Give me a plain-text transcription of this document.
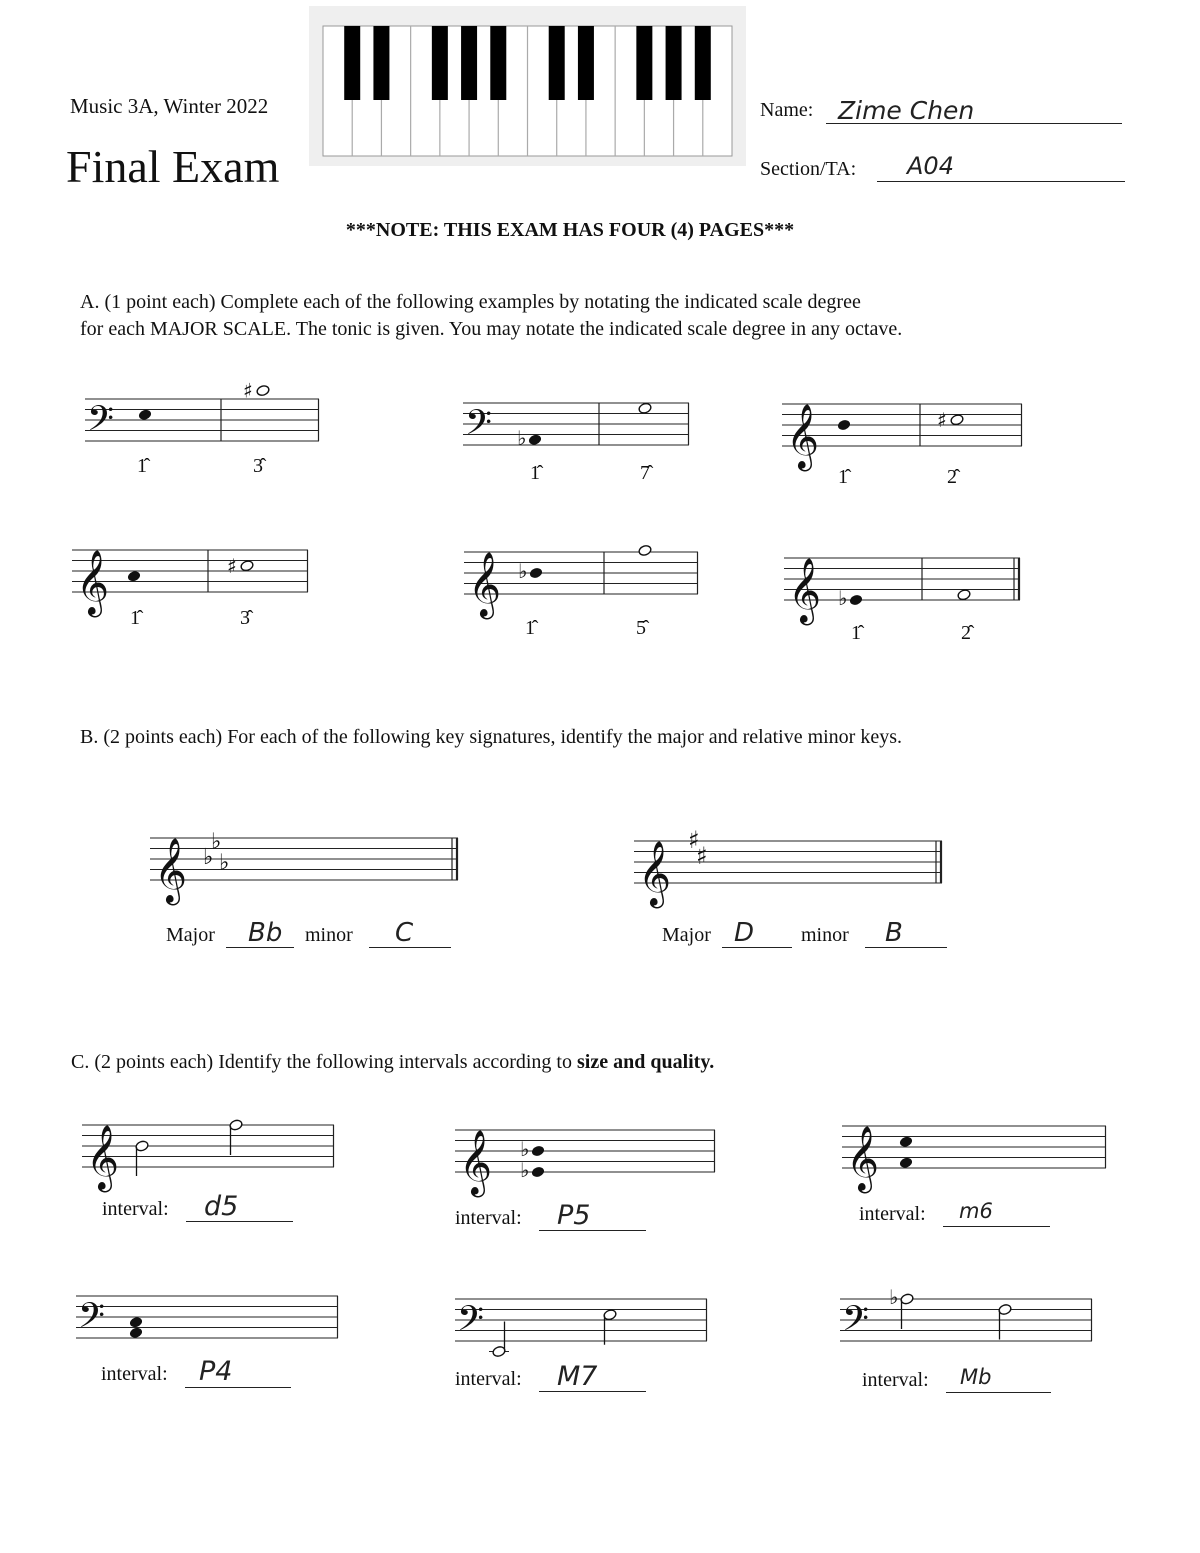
Music 3A, Winter 2022
Final Exam
Name: Zime Chen
Section/TA: A04
***NOTE: THIS EXAM HAS FOUR (4) PAGES***
A. (1 point each) Complete each of the following examples by notating the indicated scale degree
for each MAJOR SCALE. The tonic is given. You may notate the indicated scale degree in any octave.
𝄢
♯
𝄢 ♭	𝄞	♯
𝄞	♯	𝄞 ♭	𝄞 ♭
1̂	3̂	1̂	7̂	1̂	2̂
1̂	3̂	1̂	5̂	1̂	2̂
B. (2 points each) For each of the following key signatures, identify the major and relative minor keys.
𝄞 ♭
♭
♭	𝄞
♯
♯
Major Bb minor C	Major D minor B
C. (2 points each) Identify the following intervals according to size and quality.
𝄞	𝄞 ♭
♭	𝄞
𝄢	𝄢	𝄢
♭
interval: d5	interval: P5	interval: m6
interval: P4	interval: M7	interval: Mb
